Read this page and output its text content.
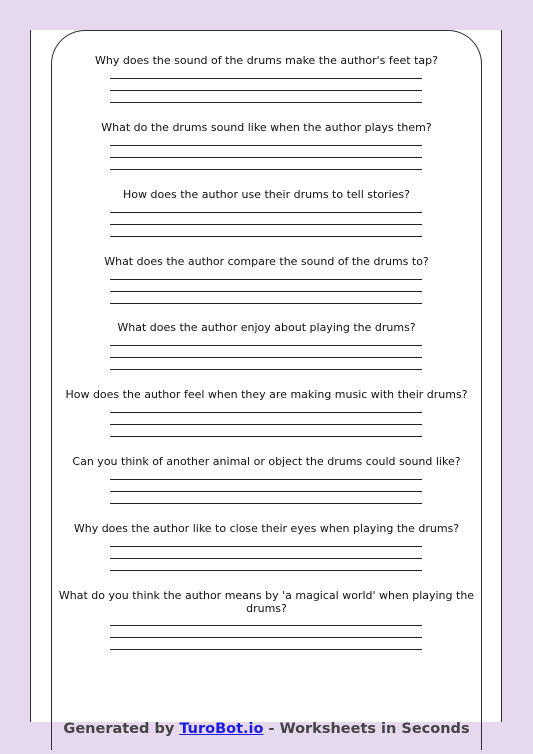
Why does the sound of the drums make the author's feet tap?
What do the drums sound like when the author plays them?
How does the author use their drums to tell stories?
What does the author compare the sound of the drums to?
What does the author enjoy about playing the drums?
How does the author feel when they are making music with their drums?
Can you think of another animal or object the drums could sound like?
Why does the author like to close their eyes when playing the drums?
What do you think the author means by 'a magical world' when playing the drums?
Generated by TuroBot.io - Worksheets in Seconds
